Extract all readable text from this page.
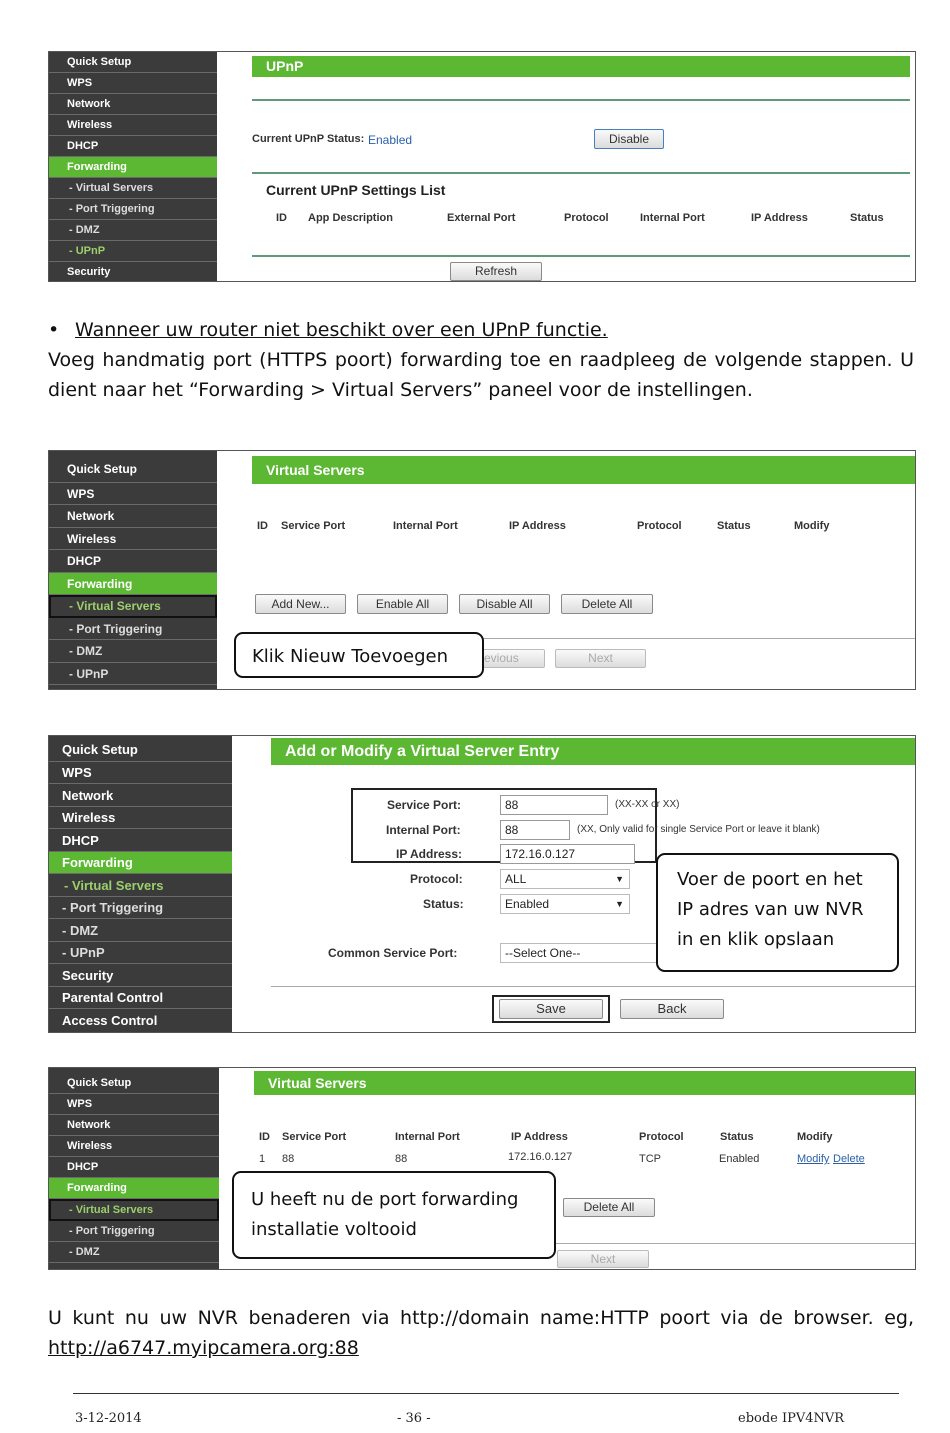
Quick Setup
WPS
Network
Wireless
DHCP
Forwarding
- Virtual Servers
- Port Triggering
- DMZ
- UPnP
Security
UPnP
Current UPnP Status: Enabled	Disable
Current UPnP Settings List
ID App Description	External Port	Protocol	Internal Port	IP Address	Status
Refresh
• Wanneer uw router niet beschikt over een UPnP functie.
Voeg handmatig port (HTTPS poort) forwarding toe en raadpleeg de volgende stappen. U
dient naar het “Forwarding > Virtual Servers” paneel voor de instellingen.
Quick Setup
WPS
Network
Wireless
DHCP
Forwarding
- Virtual Servers
- Port Triggering
- DMZ
- UPnP
Virtual Servers
ID Service Port	Internal Port	IP Address	Protocol	Status	Modify
Add New...	Enable All	Disable All	Delete All
evious	Next
Klik Nieuw Toevoegen
Quick Setup
WPS
Network
Wireless
DHCP
Forwarding
- Virtual Servers
- Port Triggering
- DMZ
- UPnP
Security
Parental Control
Access Control
Add or Modify a Virtual Server Entry
Service Port:	88	(XX-XX or XX)
Internal Port:	88	(XX, Only valid for single Service Port or leave it blank)
IP Address:	172.16.0.127
Protocol:	ALL	▼
Status:	Enabled	▼
Common Service Port:	--Select One--
Save	Back
Voer de poort en het
IP adres van uw NVR
in en klik opslaan
Quick Setup
WPS
Network
Wireless
DHCP
Forwarding
- Virtual Servers
- Port Triggering
- DMZ
Virtual Servers
ID Service Port	Internal Port	IP Address	Protocol	Status	Modify
1 88	88	172.16.0.127	TCP	Enabled	Modify Delete
Delete All
Next
U heeft nu de port forwarding
installatie voltooid
U kunt nu uw NVR benaderen via http://domain name:HTTP poort via de browser. eg,
http://a6747.myipcamera.org:88
3-12-2014	- 36 -	ebode IPV4NVR
